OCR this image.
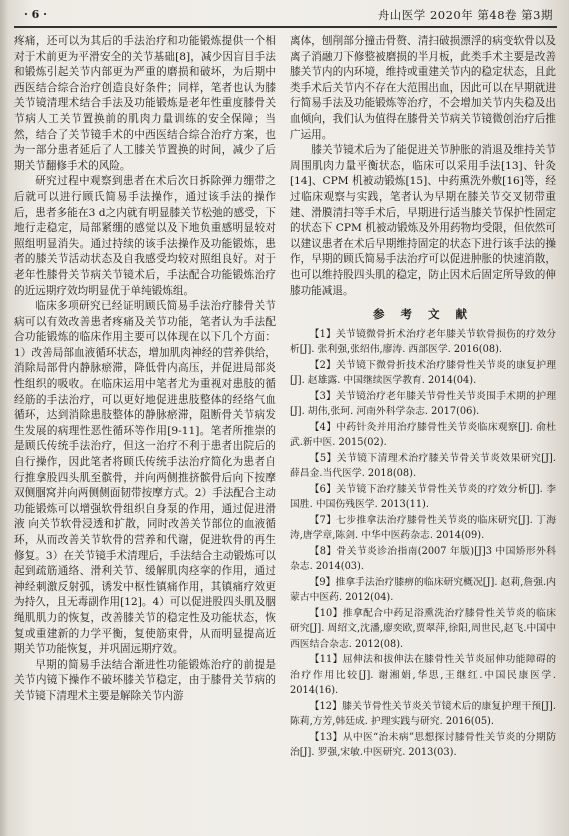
· 6 ·	舟山医学 2020年 第48卷 第3期

疼痛，还可以为其后的手法治疗和功能锻炼提供一个相对于术前更为平滑安全的关节基础[8]，减少因盲目手法和锻炼引起关节内部更为严重的磨损和破坏，为后期中西医结合综合治疗创造良好条件；同样，笔者也认为膝关节镜清理术结合手法及功能锻炼是老年性重度膝骨关节病人工关节置换前的肌肉力量训练的安全保障；当然，结合了关节镜手术的中西医结合综合治疗方案，也为一部分患者延后了人工膝关节置换的时间，减少了后期关节翻修手术的风险。

研究过程中观察到患者在术后次日拆除弹力绷带之后就可以进行顾氏简易手法操作，通过该手法的操作后，患者多能在3 d之内就有明显膝关节松弛的感受，下地行走稳定，局部紧绷的感觉以及下地负重感明显较对照组明显消失。通过持续的该手法操作及功能锻炼，患者的膝关节活动状态及自我感受均较对照组良好。对于老年性膝骨关节病关节镜术后，手法配合功能锻炼治疗的近远期疗效均明显优于单纯锻炼组。

临床多项研究已经证明顾氏简易手法治疗膝骨关节病可以有效改善患者疼痛及关节功能，笔者认为手法配合功能锻炼的临床作用主要可以体现在以下几个方面：1）改善局部血液循环状态，增加肌肉神经的营养供给，消除局部骨内静脉瘀滞，降低骨内高压，并促进局部炎性组织的吸收。在临床运用中笔者尤为重视对患肢的循经筋的手法治疗，可以更好地促进患肢整体的经络气血循环，达到消除患肢整体的静脉瘀滞，阻断骨关节病发生发展的病理性恶性循环等作用[9-11]。笔者所推崇的是顾氏传统手法治疗，但这一治疗不利于患者出院后的自行操作，因此笔者将顾氏传统手法治疗简化为患者自行推拿股四头肌至髌骨，并向两侧推挤髌骨后向下按摩双侧腘窝并向两侧侧面韧带按摩方式。2）手法配合主动功能锻炼可以增强软骨组织自身泵的作用，通过促进滑液 向关节软骨浸透和扩散，同时改善关节部位的血液循环，从而改善关节软骨的营养和代谢，促进软骨的再生修复。3）在关节镜手术清理后，手法结合主动锻炼可以起到疏筋通络、滑利关节、缓解肌肉痉挛的作用，通过神经刺激反射弧，诱发中枢性镇痛作用，其镇痛疗效更为持久，且无毒副作用[12]。4）可以促进股四头肌及胭绳肌肌力的恢复，改善膝关节的稳定性及功能状态，恢复或重建新的力学平衡，复使筋束骨，从而明显提高近期关节功能恢复，并巩固远期疗效。

早期的简易手法结合渐进性功能锻炼治疗的前提是关节内镜下操作不破坏膝关节稳定，由于膝骨关节病的关节镜下清理术主要是解除关节内游

离体，刨削部分撞击骨赘、清扫破损漂浮的病变软骨以及离子消融刀下修整被磨损的半月板，此类手术主要是改善膝关节内的内环境，维持或重建关节内的稳定状态，且此类手术后关节内不存在大范围出血，因此可以在早期就进行简易手法及功能锻炼等治疗，不会增加关节内失稳及出血倾向，我们认为值得在膝骨关节病关节镜微创治疗后推广运用。

膝关节镜术后为了能促进关节肿胀的消退及维持关节周围肌肉力量平衡状态，临床可以采用手法[13]、针灸[14]、CPM 机被动锻炼[15]、中药熏洗外敷[16]等，经过临床观察与实践，笔者认为早期在膝关节交叉韧带重建、滑膜清扫等手术后，早期进行适当膝关节保护性固定的状态下 CPM 机被动锻炼及外用药物均受限，但依然可以建议患者在术后早期维持固定的状态下进行该手法的操作，早期的顾氏简易手法治疗可以促进肿胀的快速消散，也可以维持股四头肌的稳定，防止因术后固定所导致的伸膝功能减退。

参 考 文 献

【1】关节镜微骨折术治疗老年膝关节软骨损伤的疗效分析[J]. 张利强,张绍伟,廖涛. 西部医学. 2016(08).

【2】关节镜下微骨折技术治疗膝骨性关节炎的康复护理[J]. 赵雄露. 中国继续医学教育. 2014(04).

【3】关节镜治疗老年膝关节骨性关节炎围手术期的护理[J]. 胡伟,张珂. 河南外科学杂志. 2017(06).

【4】中药针灸并用治疗膝骨性关节炎临床观察[J]. 俞杜武.新中医. 2015(02).

【5】关节镜下清理术治疗膝关节骨关节炎效果研究[J]. 薛昌金.当代医学. 2018(08).

【6】关节镜下治疗膝关节骨性关节炎的疗效分析[J]. 李国胜. 中国伤残医学. 2013(11).

【7】七步推拿法治疗膝骨性关节炎的临床研究[J]. 丁海涛,唐学章,陈剑. 中华中医药杂志. 2014(09).

【8】骨关节炎诊治指南(2007 年版)[J]3 中国矫形外科杂志. 2014(03).

【9】推拿手法治疗膝痹的临床研究概况[J]. 赵莉,詹强.内蒙古中医药. 2012(04).

【10】推拿配合中药足浴熏洗治疗膝骨性关节炎的临床研究[J]. 周绍文,沈潘,廖奕欧,贾翠萍,徐阳,周世民,赵飞.中国中西医结合杂志. 2012(08).

【11】屈伸法和拔伸法在膝骨性关节炎屈伸功能障碍的治疗作用比较[J]. 谢湘娟,华思,王继红.中国民康医学. 2014(16).

【12】膝关节骨性关节炎关节镜术后的康复护理干预[J]. 陈莉,方芳,韩廷成. 护理实践与研究. 2016(05).

【13】从中医“治未病”思想探讨膝骨性关节炎的分期防治[J]. 罗强,宋敏.中医研究. 2013(03).
